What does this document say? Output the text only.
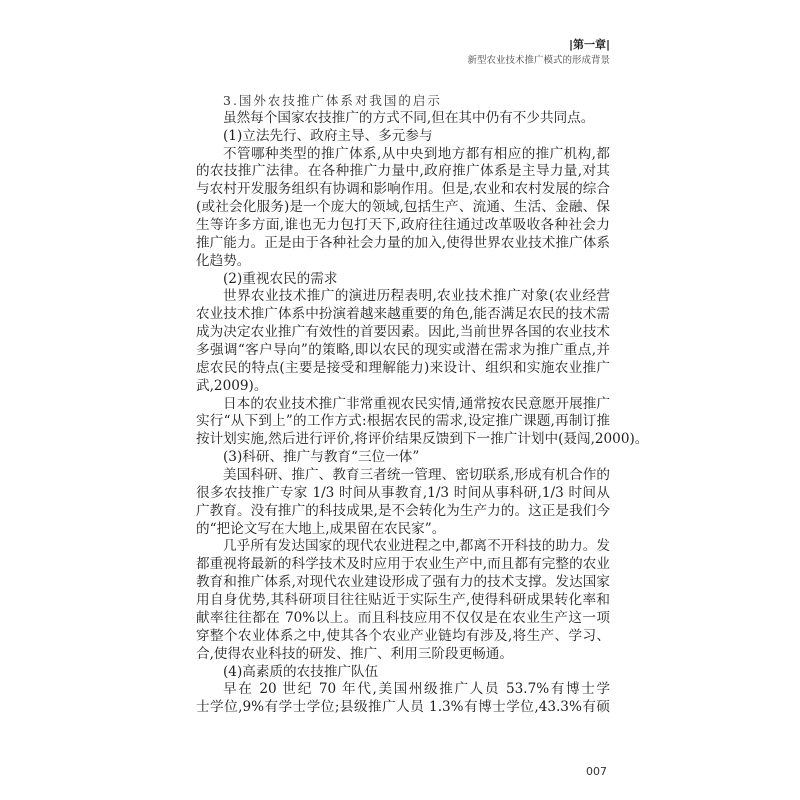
|第一章|
新型农业技术推广模式的形成背景
3.国外农技推广体系对我国的启示
虽然每个国家农技推广的方式不同,但在其中仍有不少共同点。
(1)立法先行、政府主导、多元参与
不管哪种类型的推广体系,从中央到地方都有相应的推广机构,都
的农技推广法律。在各种推广力量中,政府推广体系是主导力量,对其
与农村开发服务组织有协调和影响作用。但是,农业和农村发展的综合
(或社会化服务)是一个庞大的领域,包括生产、流通、生活、金融、保
生等许多方面,谁也无力包打天下,政府往往通过改革吸收各种社会力
推广能力。正是由于各种社会力量的加入,使得世界农业技术推广体系
化趋势。
(2)重视农民的需求
世界农业技术推广的演进历程表明,农业技术推广对象(农业经营
农业技术推广体系中扮演着越来越重要的角色,能否满足农民的技术需
成为决定农业推广有效性的首要因素。因此,当前世界各国的农业技术
多强调“客户导向”的策略,即以农民的现实或潜在需求为推广重点,并
虑农民的特点(主要是接受和理解能力)来设计、组织和实施农业推广
武,2009)。
日本的农业技术推广非常重视农民实情,通常按农民意愿开展推广
实行“从下到上”的工作方式:根据农民的需求,设定推广课题,再制订推
按计划实施,然后进行评价,将评价结果反馈到下一推广计划中(聂闯,2000)。
(3)科研、推广与教育“三位一体”
美国科研、推广、教育三者统一管理、密切联系,形成有机合作的
很多农技推广专家 1/3 时间从事教育,1/3 时间从事科研,1/3 时间从
广教育。没有推广的科技成果,是不会转化为生产力的。这正是我们今
的“把论文写在大地上,成果留在农民家”。
几乎所有发达国家的现代农业进程之中,都离不开科技的助力。发
都重视将最新的科学技术及时应用于农业生产中,而且都有完整的农业
教育和推广体系,对现代农业建设形成了强有力的技术支撑。发达国家
用自身优势,其科研项目往往贴近于实际生产,使得科研成果转化率和
献率往往都在 70%以上。而且科技应用不仅仅是在农业生产这一项
穿整个农业体系之中,使其各个农业产业链均有涉及,将生产、学习、
合,使得农业科技的研发、推广、利用三阶段更畅通。
(4)高素质的农技推广队伍
早在 20 世纪 70 年代,美国州级推广人员 53.7%有博士学
士学位,9%有学士学位;县级推广人员 1.3%有博士学位,43.3%有硕
007
